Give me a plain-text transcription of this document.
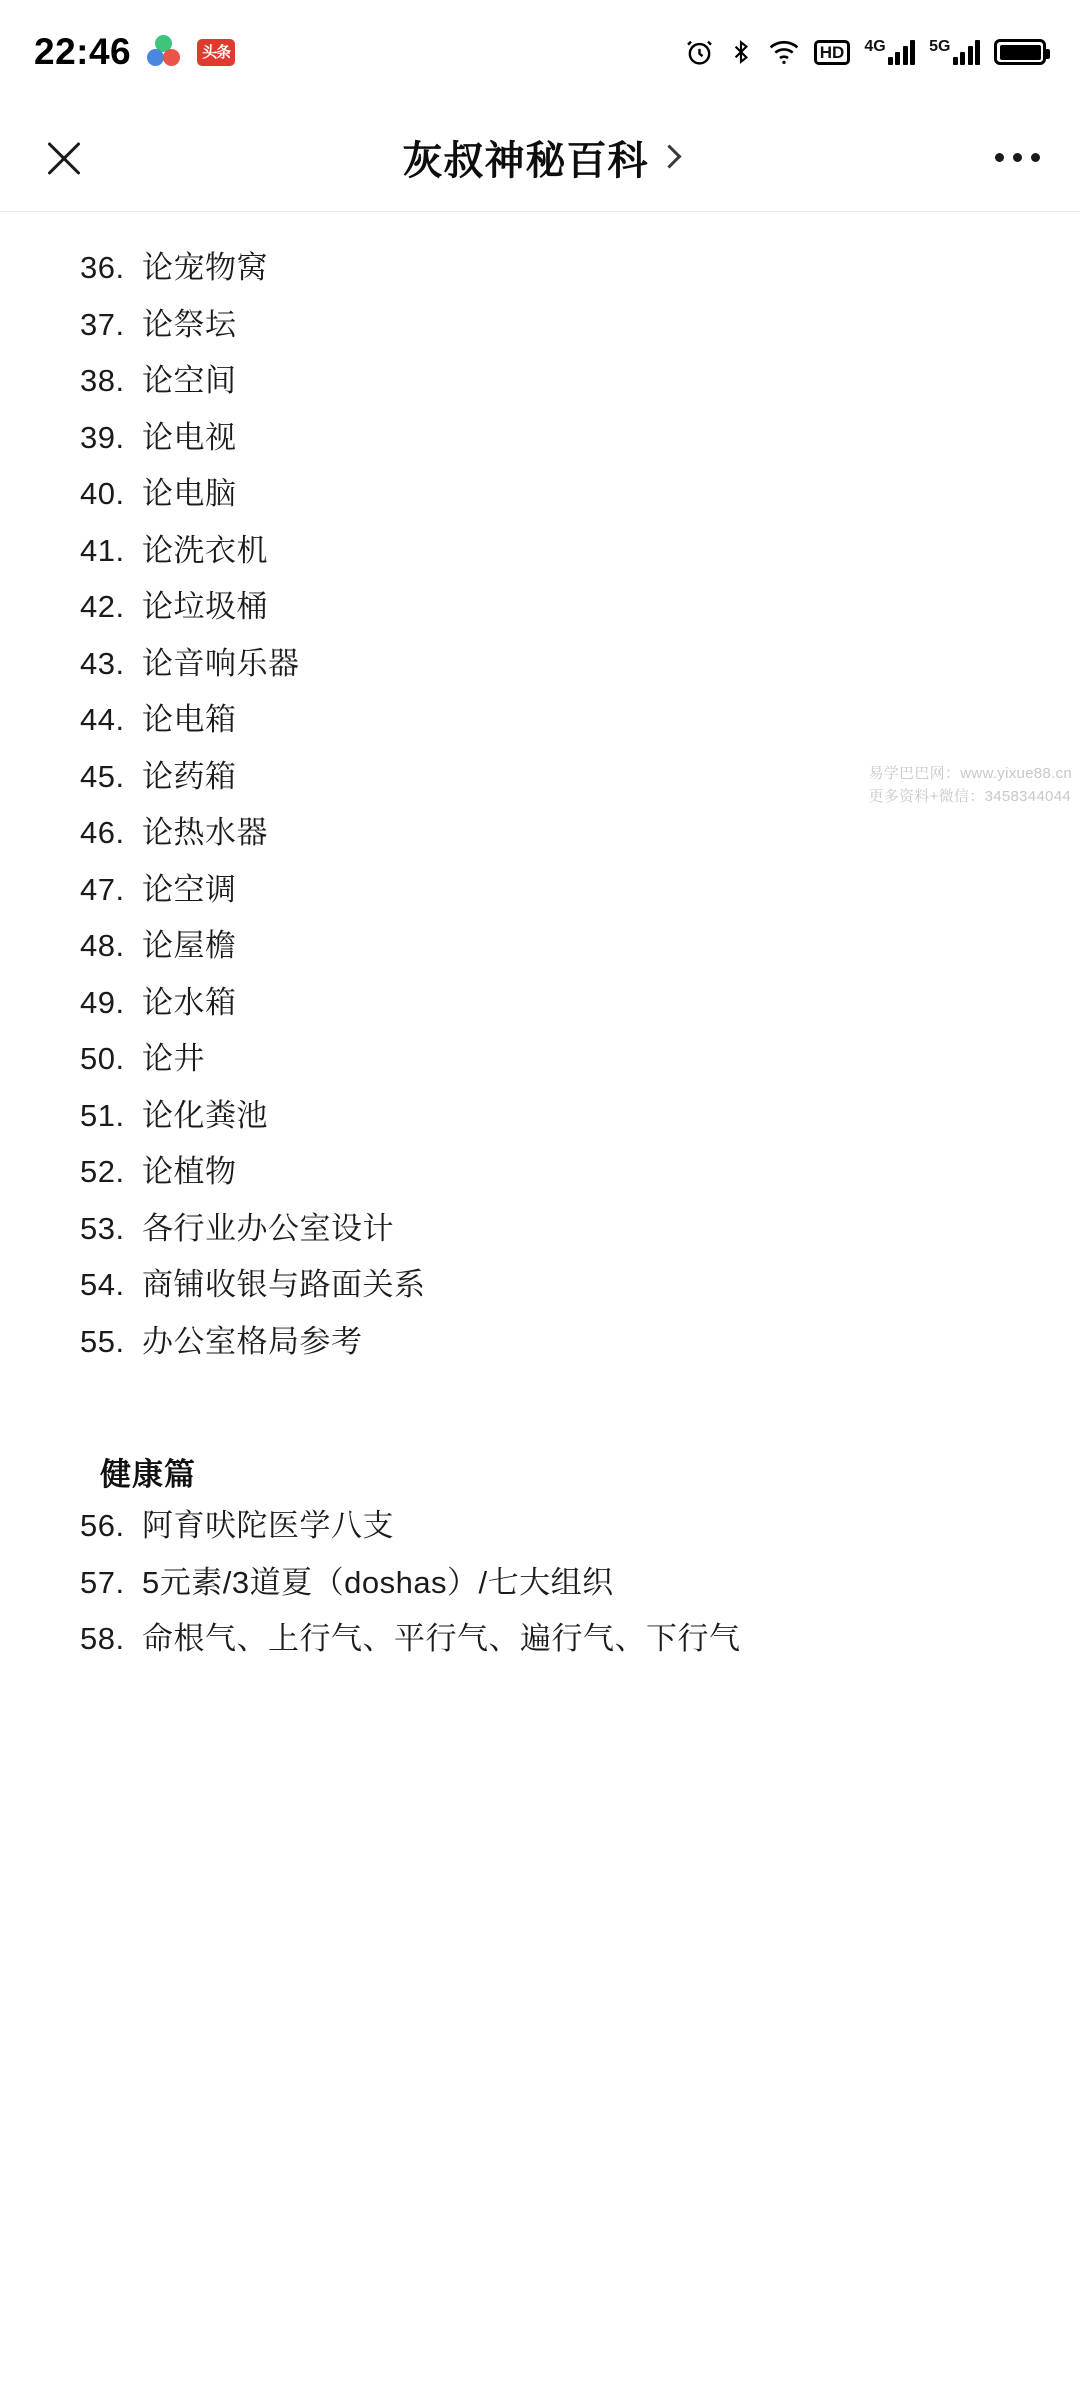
22:46	头条	HD	4G	5G
灰叔神秘百科
36. 论宠物窝
37. 论祭坛
38. 论空间
39. 论电视
40. 论电脑
41. 论洗衣机
42. 论垃圾桶
43. 论音响乐器
44. 论电箱
45. 论药箱
46. 论热水器
47. 论空调
48. 论屋檐
49. 论水箱
50. 论井
51. 论化粪池
52. 论植物
53. 各行业办公室设计
54. 商铺收银与路面关系
55. 办公室格局参考
健康篇
56. 阿育吠陀医学八支
57. 5元素/3道夏（doshas）/七大组织
58. 命根气、上行气、平行气、遍行气、下行气
易学巴巴网：www.yixue88.cn
更多资料+微信：3458344044
